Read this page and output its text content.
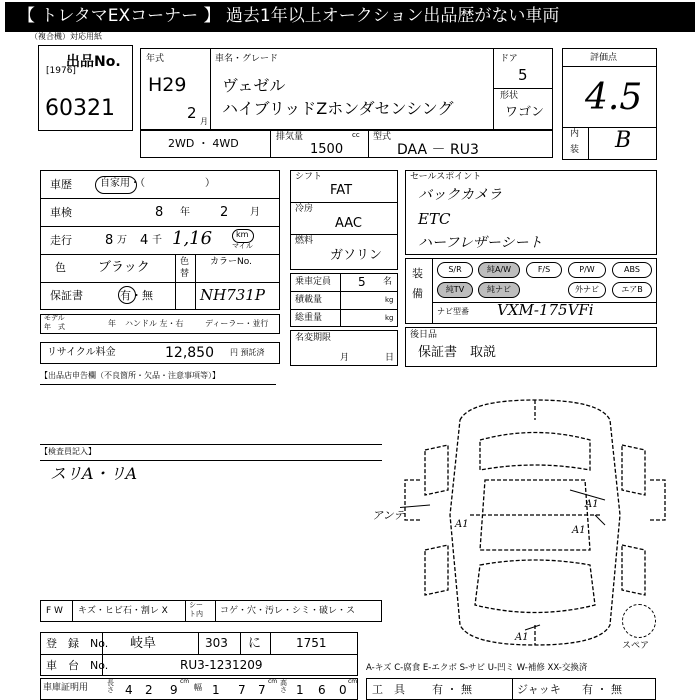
【 トレタマEXコーナー 】 過去1年以上オークション出品歴がない車両
（複合機）対応用紙
出品No.
[1976]
60321
年式
H29
2 月
車名・グレード
ヴェゼル
ハイブリッドZホンダセンシング
ドア
5
形状
ワゴン
評価点
4.5
内
装 B
2WD ・ 4WD	排気量	cc
1500
型式
DAA － RU3
車歴	自家用・（　　　　　　）
車検	8 年 2 月
走行	8 万 4 千 1,16	km
マイル
色 ブラック	色
替
カラーNo.
NH731P
保証書	有・無
モデル
年　式	年 ハンドル 左・右	ディーラー・並行
リサイクル料金	12,850 円 預託済
シフト
FAT
冷房
AAC
燃料
ガソリン
乗車定員 5 名
積載量	kg
総重量	kg
名変期限
月	日
セールスポイント
バックカメラ
ETC
ハーフレザーシート
装
備
S/R	純A/W	F/S	P/W	ABS
純TV	純ナビ	外ナビ	エアB
ナビ型番 VXM-175VFi
後日品
保証書　取説
【出品店申告欄（不良箇所・欠品・注意事項等）】
【検査員記入】
スリA・リA
アンテ
A1
A1
A1
A1
スペア
F W キズ・ヒビ石・割レ X
シー
ト内 コゲ・穴・汚レ・シミ・破レ・ス
登　録　No. 岐阜	303 に	1751
車　台　No.	RU3-1231209	A-キズ C-腐食 E-エクボ S-サビ U-凹ミ W-補修 XX-交換済
車庫証明用	長さ 4 2 9
cm
幅 1 7 7
cm 高さ 1 6 0
cm
工　具 有 ・ 無	ジャッキ 有 ・ 無
